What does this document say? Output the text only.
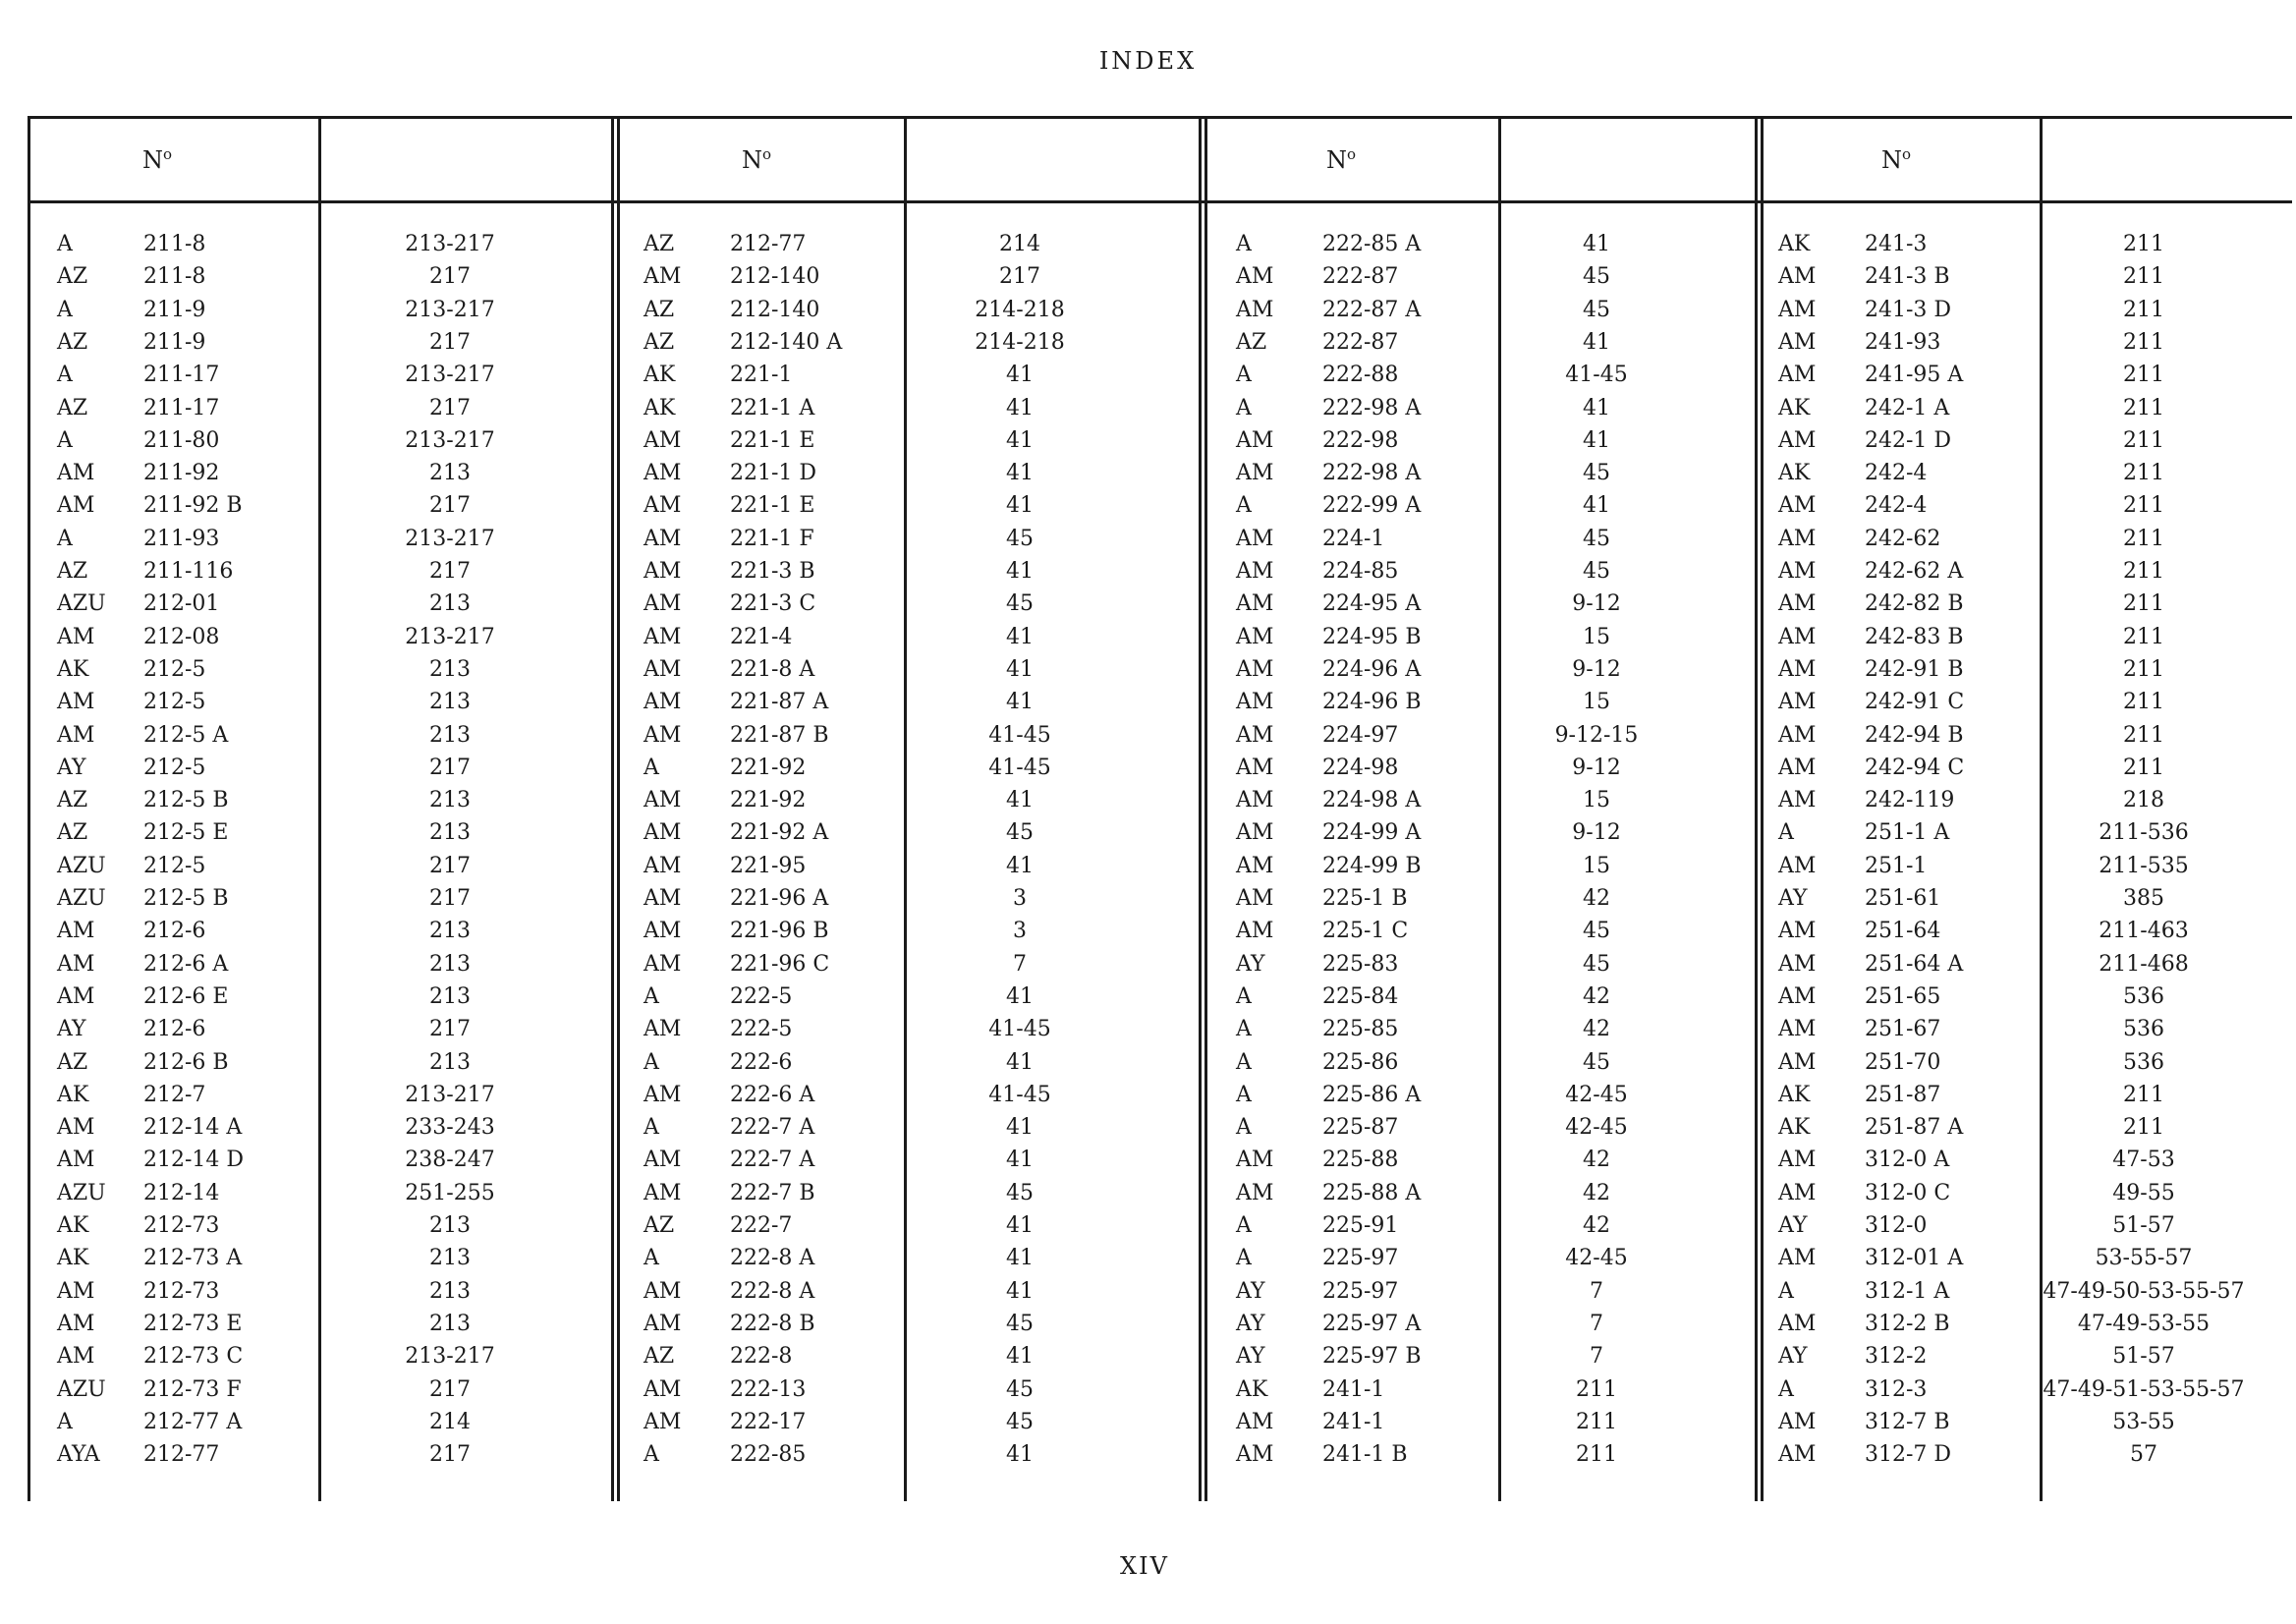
INDEX
XIV
$N^o$	$N^o$	$N^o$	$N^o$
A	211-8	213-217
AZ	211-8	217
A	211-9	213-217
AZ	211-9	217
A	211-17	213-217
AZ	211-17	217
A	211-80	213-217
AM 211-92	213
AM 211-92 B	217
A	211-93	213-217
AZ	211-116	217
AZU 212-01	213
AM 212-08	213-217
AK	212-5	213
AM 212-5	213
AM 212-5 A	213
AY	212-5	217
AZ	212-5 B	213
AZ	212-5 E	213
AZU 212-5	217
AZU 212-5 B	217
AM 212-6	213
AM 212-6 A	213
AM 212-6 E	213
AY	212-6	217
AZ	212-6 B	213
AK	212-7	213-217
AM 212-14 A	233-243
AM 212-14 D	238-247
AZU 212-14	251-255
AK	212-73	213
AK	212-73 A	213
AM 212-73	213
AM 212-73 E	213
AM 212-73 C	213-217
AZU 212-73 F	217
A	212-77 A	214
AYA 212-77	217
AZ	212-77	214
AM 212-140	217
AZ	212-140	214-218
AZ	212-140 A	214-218
AK	221-1	41
AK	221-1 A	41
AM 221-1 E	41
AM 221-1 D	41
AM 221-1 E	41
AM 221-1 F	45
AM 221-3 B	41
AM 221-3 C	45
AM 221-4	41
AM 221-8 A	41
AM 221-87 A	41
AM 221-87 B	41-45
A	221-92	41-45
AM 221-92	41
AM 221-92 A	45
AM 221-95	41
AM 221-96 A	3
AM 221-96 B	3
AM 221-96 C	7
A	222-5	41
AM 222-5	41-45
A	222-6	41
AM 222-6 A	41-45
A	222-7 A	41
AM 222-7 A	41
AM 222-7 B	45
AZ	222-7	41
A	222-8 A	41
AM 222-8 A	41
AM 222-8 B	45
AZ	222-8	41
AM 222-13	45
AM 222-17	45
A	222-85	41
A	222-85 A	41
AM 222-87	45
AM 222-87 A	45
AZ	222-87	41
A	222-88	41-45
A	222-98 A	41
AM 222-98	41
AM 222-98 A	45
A	222-99 A	41
AM 224-1	45
AM 224-85	45
AM 224-95 A	9-12
AM 224-95 B	15
AM 224-96 A	9-12
AM 224-96 B	15
AM 224-97	9-12-15
AM 224-98	9-12
AM 224-98 A	15
AM 224-99 A	9-12
AM 224-99 B	15
AM 225-1 B	42
AM 225-1 C	45
AY	225-83	45
A	225-84	42
A	225-85	42
A	225-86	45
A	225-86 A	42-45
A	225-87	42-45
AM 225-88	42
AM 225-88 A	42
A	225-91	42
A	225-97	42-45
AY	225-97	7
AY	225-97 A	7
AY	225-97 B	7
AK	241-1	211
AM 241-1	211
AM 241-1 B	211
AK	241-3	211
AM 241-3 B	211
AM 241-3 D	211
AM 241-93	211
AM 241-95 A	211
AK	242-1 A	211
AM 242-1 D	211
AK	242-4	211
AM 242-4	211
AM 242-62	211
AM 242-62 A	211
AM 242-82 B	211
AM 242-83 B	211
AM 242-91 B	211
AM 242-91 C	211
AM 242-94 B	211
AM 242-94 C	211
AM 242-119	218
A	251-1 A	211-536
AM 251-1	211-535
AY	251-61	385
AM 251-64	211-463
AM 251-64 A	211-468
AM 251-65	536
AM 251-67	536
AM 251-70	536
AK	251-87	211
AK	251-87 A	211
AM 312-0 A	47-53
AM 312-0 C	49-55
AY	312-0	51-57
AM 312-01 A	53-55-57
A	312-1 A	47-49-50-53-55-57
AM 312-2 B	47-49-53-55
AY	312-2	51-57
A	312-3	47-49-51-53-55-57
AM 312-7 B	53-55
AM 312-7 D	57
